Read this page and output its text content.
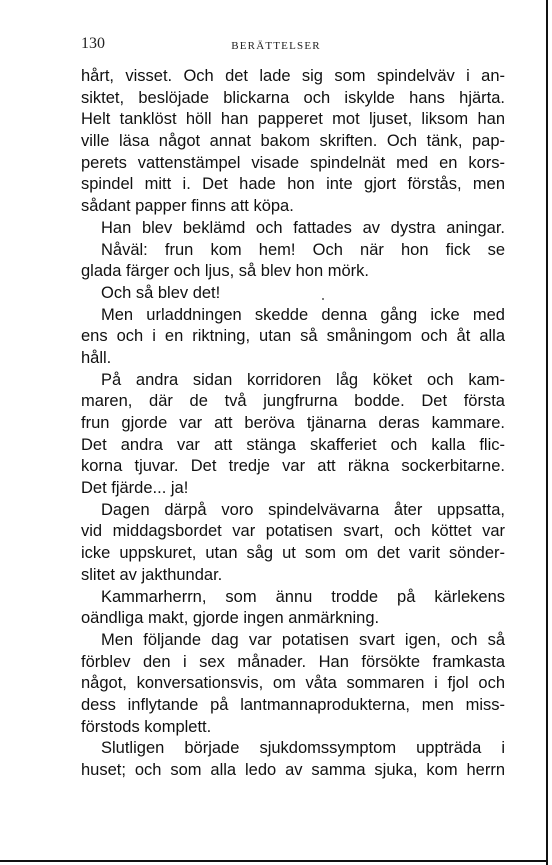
130	BERÄTTELSER
hårt, visset. Och det lade sig som spindelväv i an-
siktet, beslöjade blickarna och iskylde hans hjärta.
Helt tanklöst höll han papperet mot ljuset, liksom han
ville läsa något annat bakom skriften. Och tänk, pap-
perets vattenstämpel visade spindelnät med en kors-
spindel mitt i. Det hade hon inte gjort förstås, men
sådant papper finns att köpa.
Han blev beklämd och fattades av dystra aningar.
Nåväl: frun kom hem! Och när hon fick se
glada färger och ljus, så blev hon mörk.
Och så blev det!
Men urladdningen skedde denna gång icke med
ens och i en riktning, utan så småningom och åt alla
håll.
På andra sidan korridoren låg köket och kam-
maren, där de två jungfrurna bodde. Det första
frun gjorde var att beröva tjänarna deras kammare.
Det andra var att stänga skafferiet och kalla flic-
korna tjuvar. Det tredje var att räkna sockerbitarne.
Det fjärde... ja!
Dagen därpå voro spindelvävarna åter uppsatta,
vid middagsbordet var potatisen svart, och köttet var
icke uppskuret, utan såg ut som om det varit sönder-
slitet av jakthundar.
Kammarherrn, som ännu trodde på kärlekens
oändliga makt, gjorde ingen anmärkning.
Men följande dag var potatisen svart igen, och så
förblev den i sex månader. Han försökte framkasta
något, konversationsvis, om våta sommaren i fjol och
dess inflytande på lantmannaprodukterna, men miss-
förstods komplett.
Slutligen började sjukdomssymptom uppträda i
huset; och som alla ledo av samma sjuka, kom herrn
